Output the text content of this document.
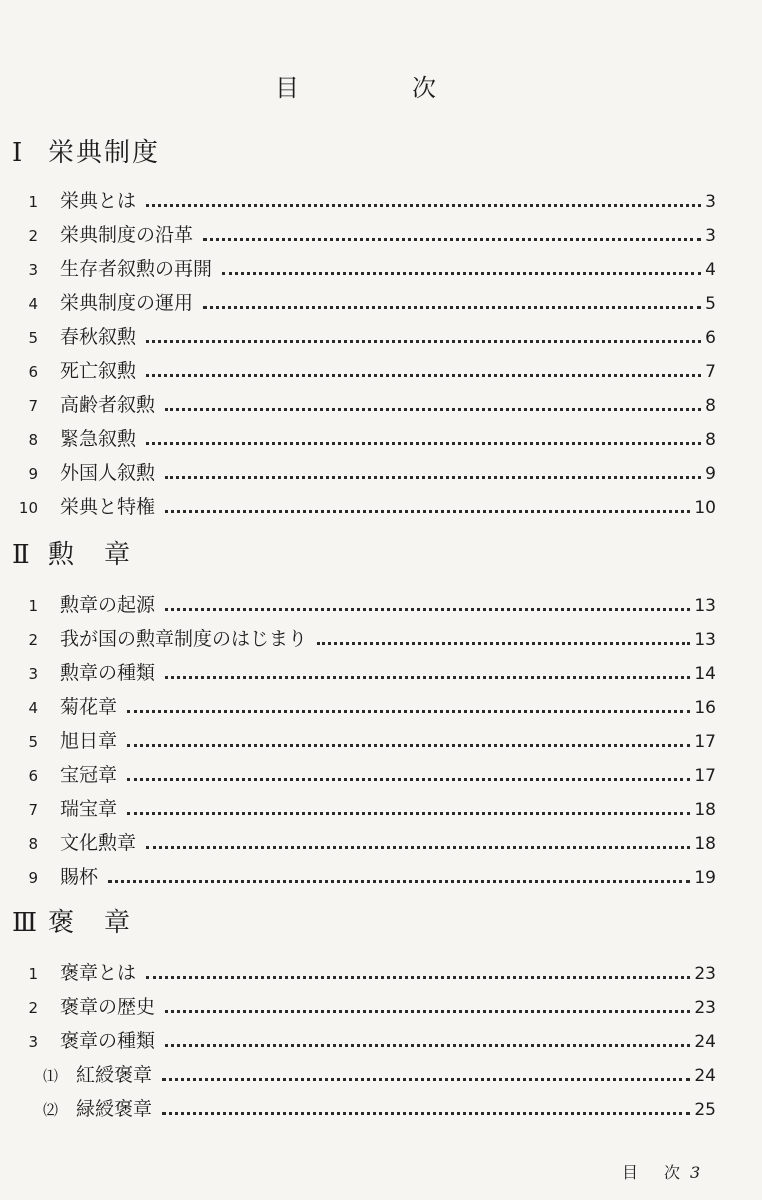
目	次
Ⅰ 栄典制度
1 栄典とは	3
2 栄典制度の沿革	3
3 生存者叙勲の再開	4
4 栄典制度の運用	5
5 春秋叙勲	6
6 死亡叙勲	7
7 高齢者叙勲	8
8 緊急叙勲	8
9 外国人叙勲	9
10 栄典と特権	10
Ⅱ 勲　章
1 勲章の起源	13
2 我が国の勲章制度のはじまり	13
3 勲章の種類	14
4 菊花章	16
5 旭日章	17
6 宝冠章	17
7 瑞宝章	18
8 文化勲章	18
9 賜杯	19
Ⅲ 褒　章
1 褒章とは	23
2 褒章の歴史	23
3 褒章の種類	24
⑴ 紅綬褒章	24
⑵ 緑綬褒章	25
目 次 3
